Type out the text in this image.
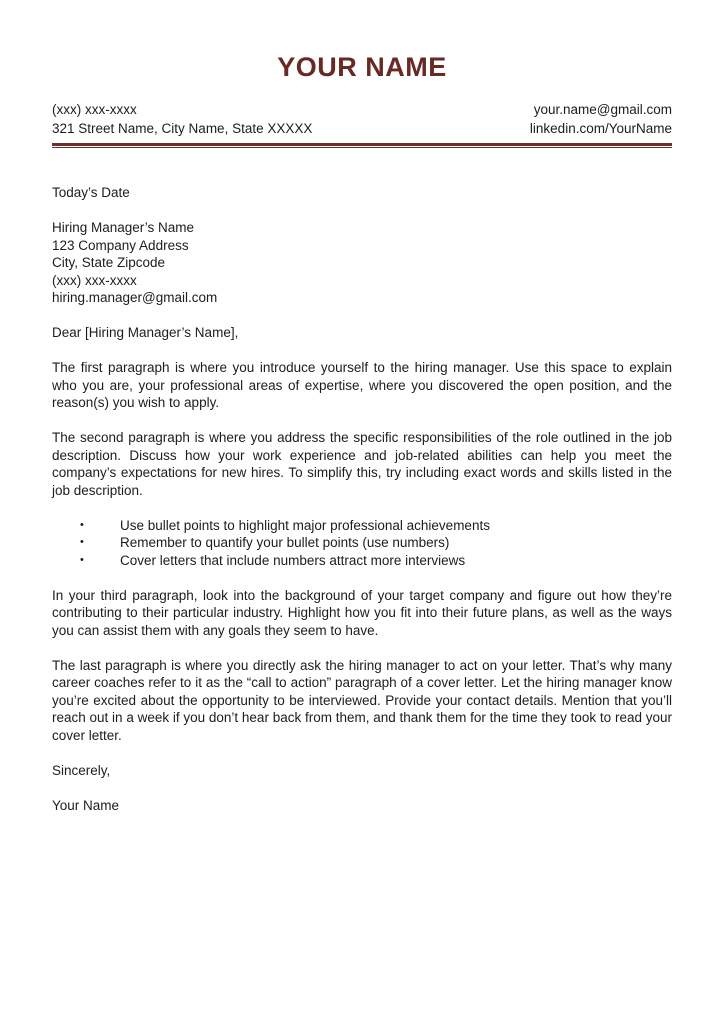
YOUR NAME
(xxx) xxx-xxxx
321 Street Name, City Name, State XXXXX
your.name@gmail.com
linkedin.com/YourName

Today’s Date

Hiring Manager’s Name
123 Company Address
City, State Zipcode
(xxx) xxx-xxxx
hiring.manager@gmail.com

Dear [Hiring Manager’s Name],

The first paragraph is where you introduce yourself to the hiring manager. Use this space to explain who you are, your professional areas of expertise, where you discovered the open position, and the reason(s) you wish to apply.

The second paragraph is where you address the specific responsibilities of the role outlined in the job description. Discuss how your work experience and job-related abilities can help you meet the company’s expectations for new hires. To simplify this, try including exact words and skills listed in the job description.

•	Use bullet points to highlight major professional achievements
•	Remember to quantify your bullet points (use numbers)
•	Cover letters that include numbers attract more interviews

In your third paragraph, look into the background of your target company and figure out how they’re contributing to their particular industry. Highlight how you fit into their future plans, as well as the ways you can assist them with any goals they seem to have.

The last paragraph is where you directly ask the hiring manager to act on your letter. That’s why many career coaches refer to it as the “call to action” paragraph of a cover letter. Let the hiring manager know you’re excited about the opportunity to be interviewed. Provide your contact details. Mention that you’ll reach out in a week if you don’t hear back from them, and thank them for the time they took to read your cover letter.

Sincerely,

Your Name
